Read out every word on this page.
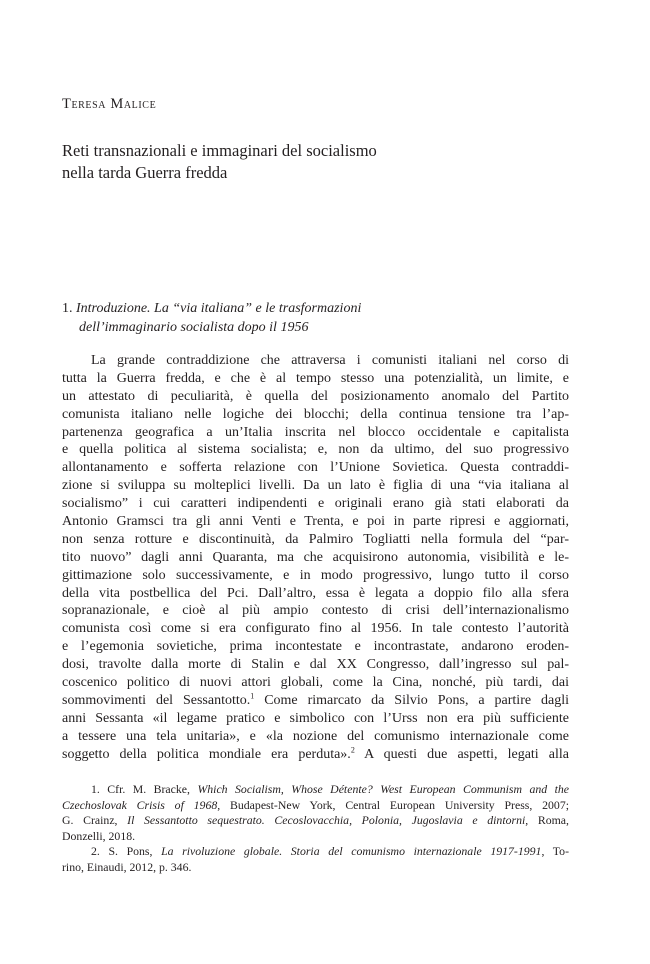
Teresa Malice
Reti transnazionali e immaginari del socialismo
nella tarda Guerra fredda
1. Introduzione. La “via italiana” e le trasformazioni
dell’immaginario socialista dopo il 1956
La grande contraddizione che attraversa i comunisti italiani nel corso di
tutta la Guerra fredda, e che è al tempo stesso una potenzialità, un limite, e
un attestato di peculiarità, è quella del posizionamento anomalo del Partito
comunista italiano nelle logiche dei blocchi; della continua tensione tra l’ap-
partenenza geografica a un’Italia inscrita nel blocco occidentale e capitalista
e quella politica al sistema socialista; e, non da ultimo, del suo progressivo
allontanamento e sofferta relazione con l’Unione Sovietica. Questa contraddi-
zione si sviluppa su molteplici livelli. Da un lato è figlia di una “via italiana al
socialismo” i cui caratteri indipendenti e originali erano già stati elaborati da
Antonio Gramsci tra gli anni Venti e Trenta, e poi in parte ripresi e aggiornati,
non senza rotture e discontinuità, da Palmiro Togliatti nella formula del “par-
tito nuovo” dagli anni Quaranta, ma che acquisirono autonomia, visibilità e le-
gittimazione solo successivamente, e in modo progressivo, lungo tutto il corso
della vita postbellica del Pci. Dall’altro, essa è legata a doppio filo alla sfera
sopranazionale, e cioè al più ampio contesto di crisi dell’internazionalismo
comunista così come si era configurato fino al 1956. In tale contesto l’autorità
e l’egemonia sovietiche, prima incontestate e incontrastate, andarono eroden-
dosi, travolte dalla morte di Stalin e dal XX Congresso, dall’ingresso sul pal-
coscenico politico di nuovi attori globali, come la Cina, nonché, più tardi, dai
sommovimenti del Sessantotto.$^1$ Come rimarcato da Silvio Pons, a partire dagli
anni Sessanta «il legame pratico e simbolico con l’Urss non era più sufficiente
a tessere una tela unitaria», e «la nozione del comunismo internazionale come
soggetto della politica mondiale era perduta».$^2$ A questi due aspetti, legati alla
1. Cfr. M. Bracke, Which Socialism, Whose Détente? West European Communism and the
Czechoslovak Crisis of 1968, Budapest-New York, Central European University Press, 2007;
G. Crainz, Il Sessantotto sequestrato. Cecoslovacchia, Polonia, Jugoslavia e dintorni, Roma,
Donzelli, 2018.
2. S. Pons, La rivoluzione globale. Storia del comunismo internazionale 1917-1991, To-
rino, Einaudi, 2012, p. 346.
